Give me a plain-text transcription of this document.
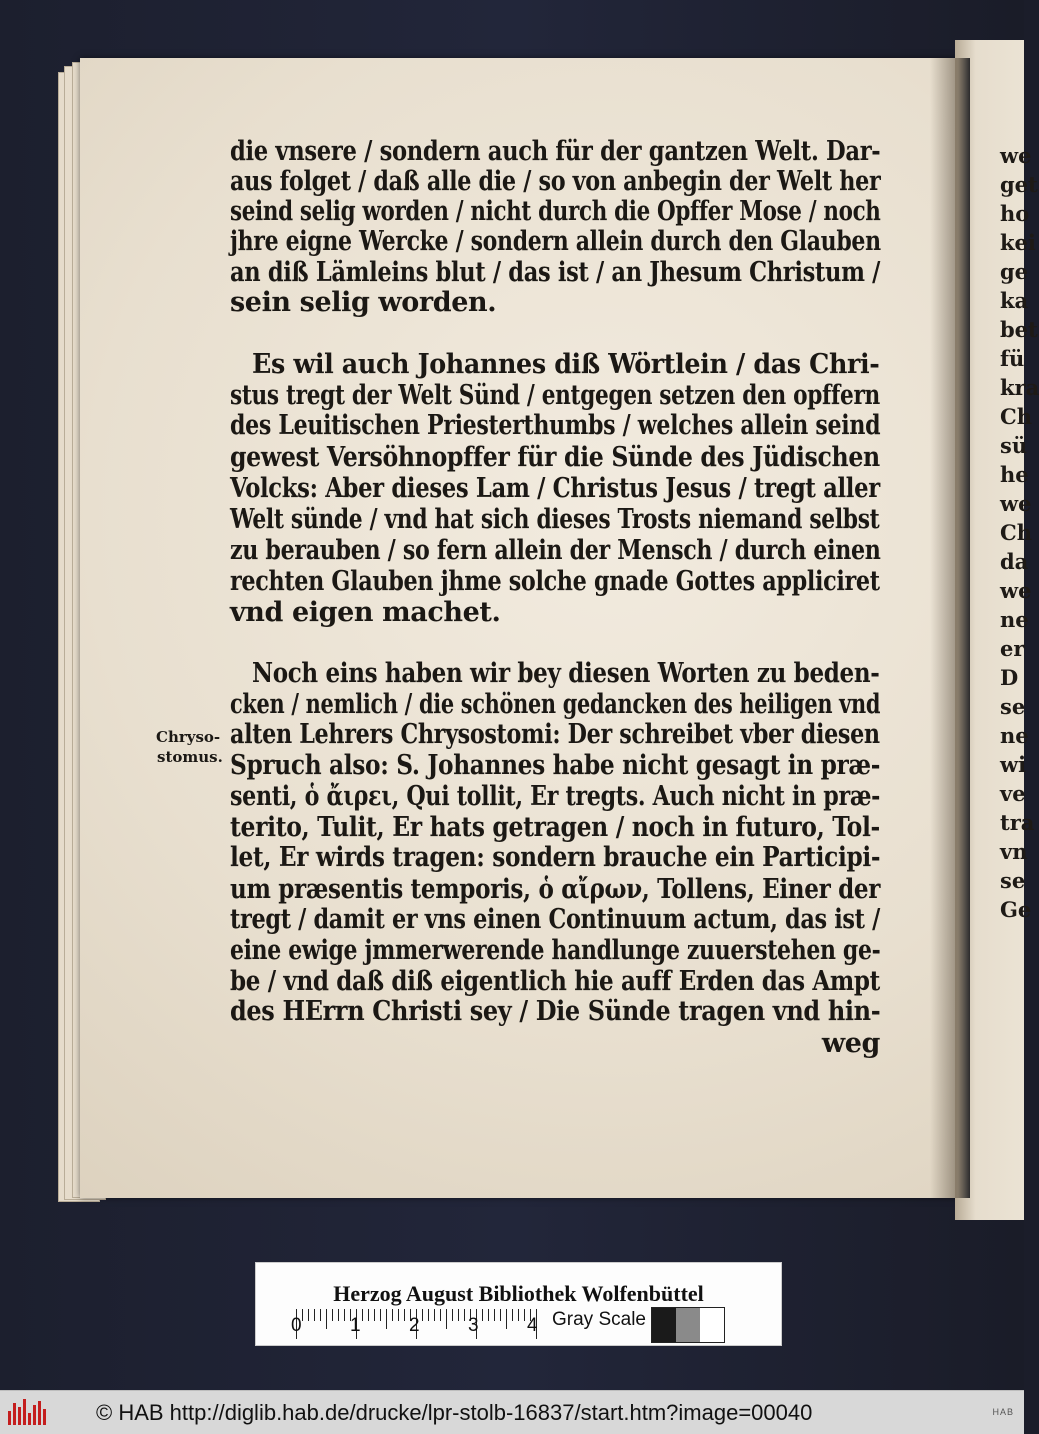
we
get
ho
kei
ge
ka
bet
fü
kra
Ch
sü
he
we
Ch
da
we
ne
er
D
se
ne
wi
ve
tra
vn
se
Ge
die vnsere / sondern auch für der gantzen Welt. Dar-
aus folget / daß alle die / so von anbegin der Welt her
seind selig worden / nicht durch die Opffer Mose / noch
jhre eigne Wercke / sondern allein durch den Glauben
an diß Lämleins blut / das ist / an Jhesum Christum /
sein selig worden.
Es wil auch Johannes diß Wörtlein / das Chri-
stus tregt der Welt Sünd / entgegen setzen den opffern
des Leuitischen Priesterthumbs / welches allein seind
gewest Versöhnopffer für die Sünde des Jüdischen
Volcks: Aber dieses Lam / Christus Jesus / tregt aller
Welt sünde / vnd hat sich dieses Trosts niemand selbst
zu berauben / so fern allein der Mensch / durch einen
rechten Glauben jhme solche gnade Gottes appliciret
vnd eigen machet.
Noch eins haben wir bey diesen Worten zu beden-
cken / nemlich / die schönen gedancken des heiligen vnd
alten Lehrers Chrysostomi: Der schreibet vber diesen
Spruch also: S. Johannes habe nicht gesagt in præ-
senti, ὁ ἄιρει, Qui tollit, Er tregts. Auch nicht in præ-
terito, Tulit, Er hats getragen / noch in futuro, Tol-
let, Er wirds tragen: sondern brauche ein Participi-
um præsentis temporis, ὁ αἴρων, Tollens, Einer der
tregt / damit er vns einen Continuum actum, das ist /
eine ewige jmmerwerende handlunge zuuerstehen ge-
be / vnd daß diß eigentlich hie auff Erden das Ampt
des HErrn Christi sey / Die Sünde tragen vnd hin-
weg
Chryso-
stomus.
Herzog August Bibliothek Wolfenbüttel
0	1	2	3	4 Gray Scale
© HAB http://diglib.hab.de/drucke/lpr-stolb-16837/start.htm?image=00040	HAB
